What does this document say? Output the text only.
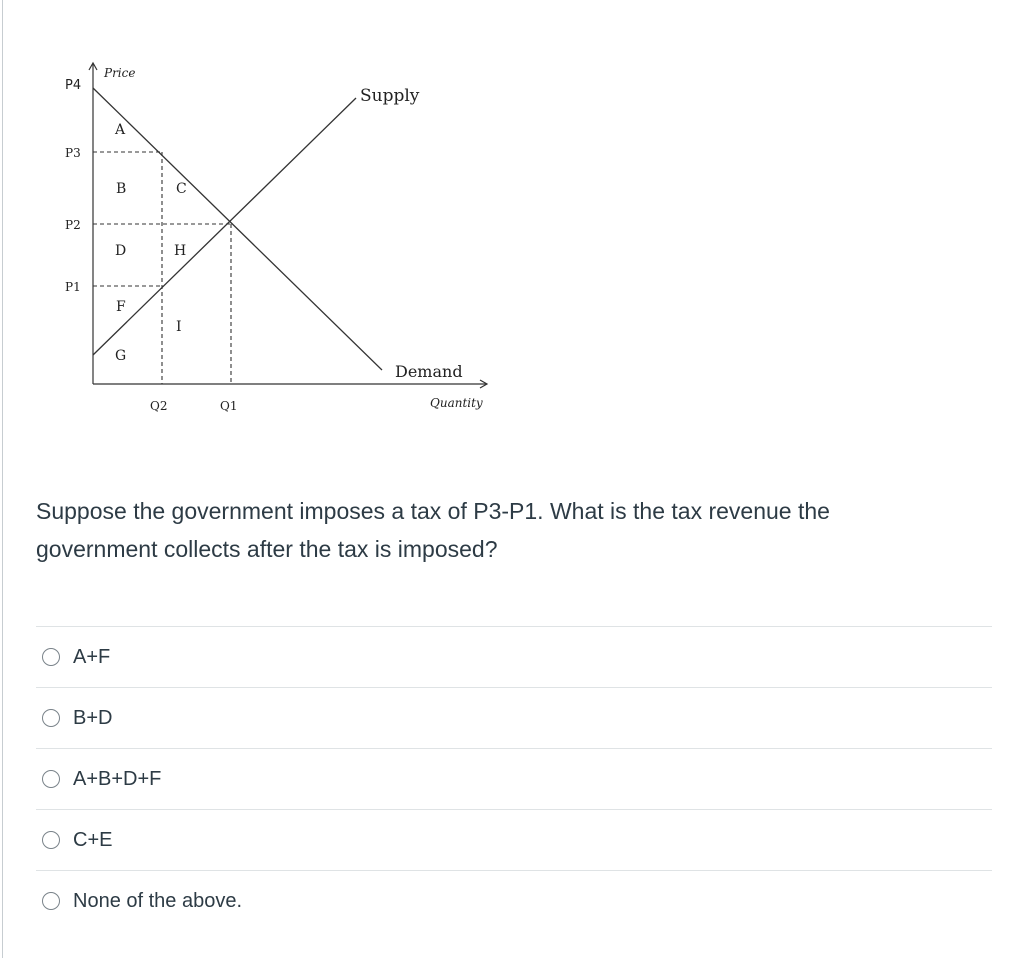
Price
Quantity
P4
P3
P2
P1
Q2	Q1
Supply
Demand
A
B	C
D	H
F
I
G
Suppose the government imposes a tax of P3-P1. What is the tax revenue the government collects after the tax is imposed?
A+F
B+D
A+B+D+F
C+E
None of the above.
